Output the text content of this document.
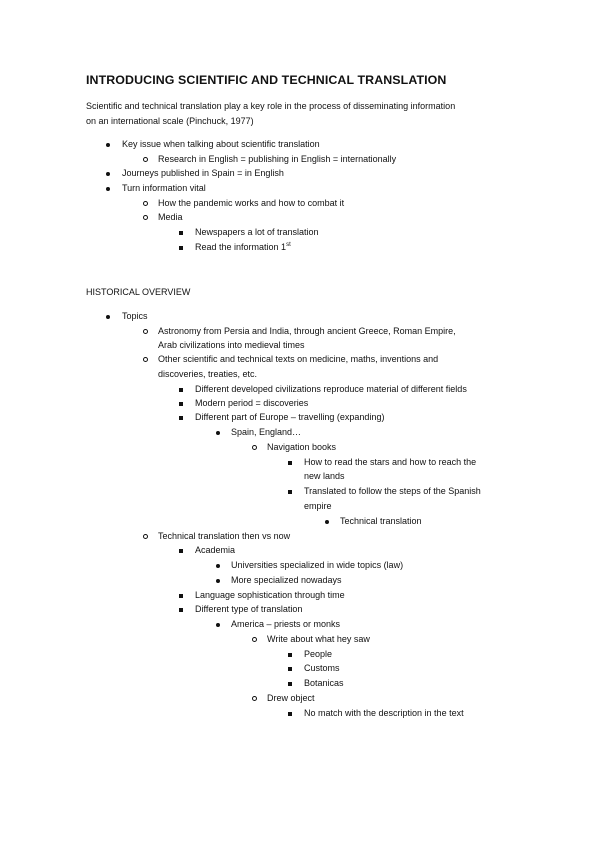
INTRODUCING SCIENTIFIC AND TECHNICAL TRANSLATION
Scientific and technical translation play a key role in the process of disseminating information
on an international scale (Pinchuck, 1977)
Key issue when talking about scientific translation
Research in English = publishing in English = internationally
Journeys published in Spain = in English
Turn information vital
How the pandemic works and how to combat it
Media
Newspapers a lot of translation
Read the information 1st
HISTORICAL OVERVIEW
Topics
Astronomy from Persia and India, through ancient Greece, Roman Empire,
Arab civilizations into medieval times
Other scientific and technical texts on medicine, maths, inventions and
discoveries, treaties, etc.
Different developed civilizations reproduce material of different fields
Modern period = discoveries
Different part of Europe – travelling (expanding)
Spain, England…
Navigation books
How to read the stars and how to reach the
new lands
Translated to follow the steps of the Spanish
empire
Technical translation
Technical translation then vs now
Academia
Universities specialized in wide topics (law)
More specialized nowadays
Language sophistication through time
Different type of translation
America – priests or monks
Write about what hey saw
People
Customs
Botanicas
Drew object
No match with the description in the text
